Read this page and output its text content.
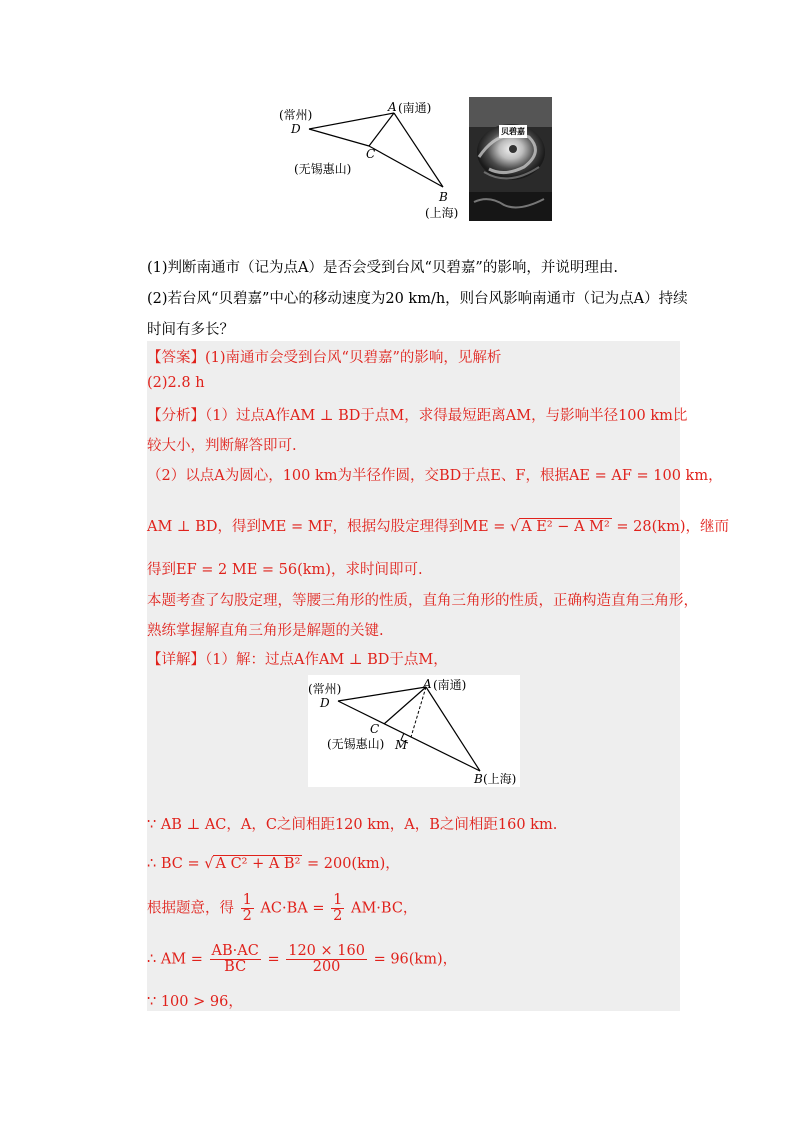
(常州)
D
A (南通)
C
(无锡惠山)
B
(上海)
贝碧嘉
(1)判断南通市（记为点A）是否会受到台风“贝碧嘉”的影响，并说明理由.
(2)若台风“贝碧嘉”中心的移动速度为20 km/h，则台风影响南通市（记为点A）持续
时间有多长？
【答案】(1)南通市会受到台风“贝碧嘉”的影响，见解析
(2)2.8 h
【分析】（1）过点A作AM ⊥ BD于点M，求得最短距离AM，与影响半径100 km比
较大小，判断解答即可.
（2）以点A为圆心，100 km为半径作圆，交BD于点E、F，根据AE = AF = 100 km，
AM ⊥ BD，得到ME = MF，根据勾股定理得到ME = √ A E² − A M² = 28(km)，继而
得到EF = 2 ME = 56(km)，求时间即可.
本题考查了勾股定理，等腰三角形的性质，直角三角形的性质，正确构造直角三角形，
熟练掌握解直角三角形是解题的关键.
【详解】（1）解：过点A作AM ⊥ BD于点M，
(常州)
D
A (南通)
C
M
(无锡惠山)
B (上海)
∵ AB ⊥ AC，A，C之间相距120 km，A，B之间相距160 km.
∴ BC = √ A C² + A B² = 200(km)，
根据题意，得 $\frac{1}{2} AC\cdot BA = \frac{1}{2} AM\cdot BC$，
∴ AM = $\frac{AB\cdot AC}{BC} = \frac{120 \times 160}{200} = 96(km)$，
∵ 100 > 96，
